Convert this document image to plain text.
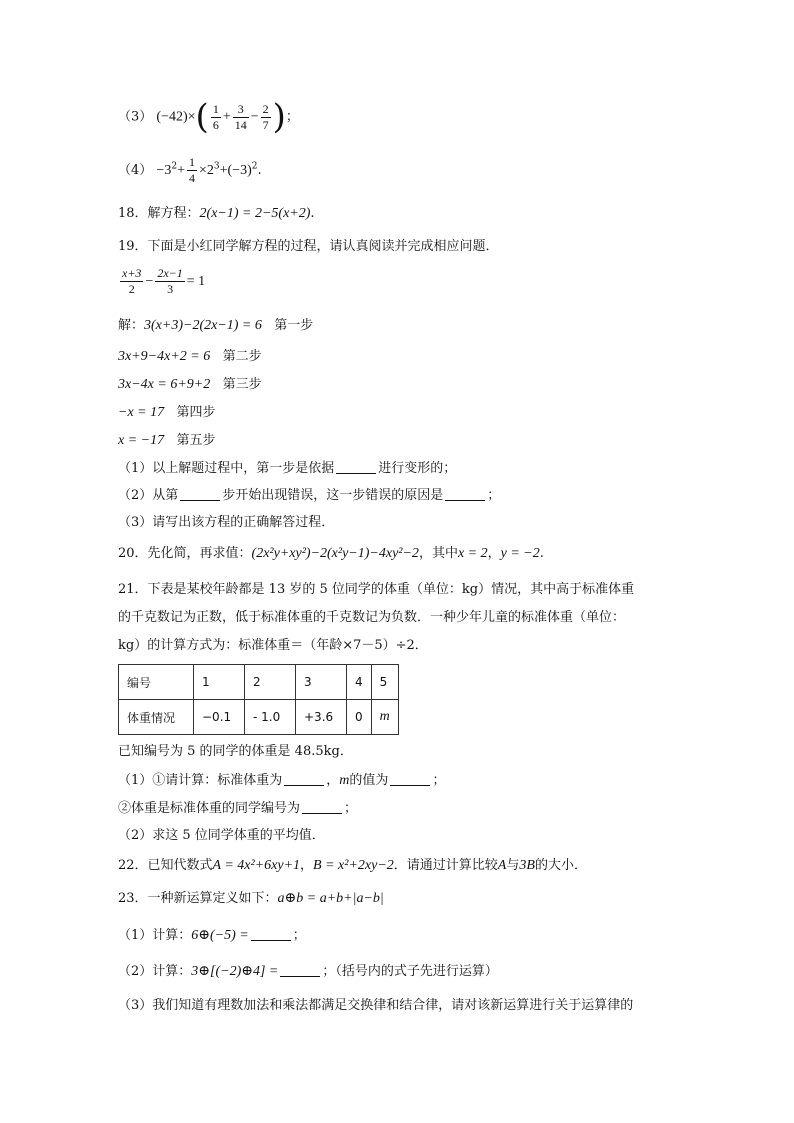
（3） $(-42)\times( \frac{1}{6} + \frac{3}{14} - \frac{2}{7}$ )；
$(4) -3^2+ \frac{1}{4} \times 2^3+(-3)^2$.
18．解方程：2(x−1) = 2−5(x+2).
19．下面是小红同学解方程的过程，请认真阅读并完成相应问题．
$\frac{x+3}{2} - \frac{2x-1}{3} = 1$
解：3(x+3)−2(2x−1) = 6 第一步
3x+9−4x+2 = 6 第二步
3x−4x = 6+9+2 第三步
−x = 17 第四步
x = −17 第五步
（1）以上解题过程中，第一步是依据	进行变形的；
（2）从第	步开始出现错误，这一步错误的原因是	；
（3）请写出该方程的正确解答过程．
20．先化简，再求值：(2x²y+xy²)−2(x²y−1)−4xy²−2，其中x = 2，y = −2.
21．下表是某校年龄都是 13 岁的 5 位同学的体重（单位：kg）情况，其中高于标准体重
的千克数记为正数，低于标准体重的千克数记为负数．一种少年儿童的标准体重（单位：
kg）的计算方式为：标准体重＝（年龄×7－5）÷2．
编号	1	2	3	4	5
体重情况	−0.1	- 1.0	+3.6	0	m
已知编号为 5 的同学的体重是 48.5kg．
（1）①请计算：标准体重为	，m的值为	；
②体重是标准体重的同学编号为	；
（2）求这 5 位同学体重的平均值．
22．已知代数式A = 4x²+6xy+1，B = x²+2xy−2．请通过计算比较A与3B的大小．
23．一种新运算定义如下：a⊕b = a+b+|a−b|
（1）计算：6⊕(−5) =	；
（2）计算：3⊕[(−2)⊕4] =	；（括号内的式子先进行运算）
（3）我们知道有理数加法和乘法都满足交换律和结合律，请对该新运算进行关于运算律的
